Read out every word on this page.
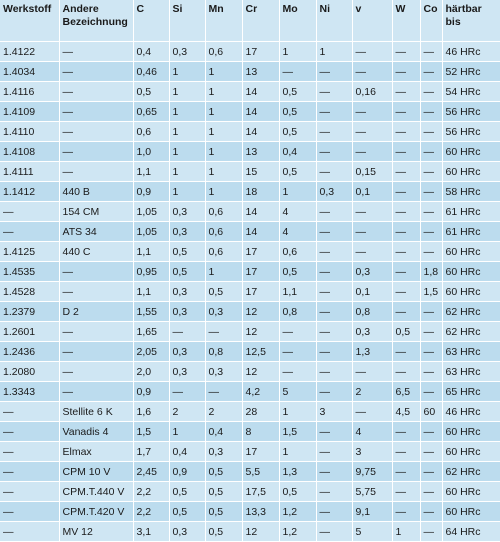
Werkstoff	Andere Bezeichnung	C	Si	Mn	Cr	Mo	Ni	v	W	Co	härtbar bis
1.4122	—	0,4	0,3	0,6	17	1	1	—	—	—	46 HRc
1.4034	—	0,46	1	1	13	—	—	—	—	—	52 HRc
1.4116	—	0,5	1	1	14	0,5	—	0,16	—	—	54 HRc
1.4109	—	0,65	1	1	14	0,5	—	—	—	—	56 HRc
1.4110	—	0,6	1	1	14	0,5	—	—	—	—	56 HRc
1.4108	—	1,0	1	1	13	0,4	—	—	—	—	60 HRc
1.4111	—	1,1	1	1	15	0,5	—	0,15	—	—	60 HRc
1.1412	440 B	0,9	1	1	18	1	0,3	0,1	—	—	58 HRc
—	154 CM	1,05	0,3	0,6	14	4	—	—	—	—	61 HRc
—	ATS 34	1,05	0,3	0,6	14	4	—	—	—	—	61 HRc
1.4125	440 C	1,1	0,5	0,6	17	0,6	—	—	—	—	60 HRc
1.4535	—	0,95	0,5	1	17	0,5	—	0,3	—	1,8	60 HRc
1.4528	—	1,1	0,3	0,5	17	1,1	—	0,1	—	1,5	60 HRc
1.2379	D 2	1,55	0,3	0,3	12	0,8	—	0,8	—	—	62 HRc
1.2601	—	1,65	—	—	12	—	—	0,3	0,5	—	62 HRc
1.2436	—	2,05	0,3	0,8	12,5	—	—	1,3	—	—	63 HRc
1.2080	—	2,0	0,3	0,3	12	—	—	—	—	—	63 HRc
1.3343	—	0,9	—	—	4,2	5	—	2	6,5	—	65 HRc
—	Stellite 6 K	1,6	2	2	28	1	3	—	4,5	60	46 HRc
—	Vanadis 4	1,5	1	0,4	8	1,5	—	4	—	—	60 HRc
—	Elmax	1,7	0,4	0,3	17	1	—	3	—	—	60 HRc
—	CPM 10 V	2,45	0,9	0,5	5,5	1,3	—	9,75	—	—	62 HRc
—	CPM.T.440 V	2,2	0,5	0,5	17,5	0,5	—	5,75	—	—	60 HRc
—	CPM.T.420 V	2,2	0,5	0,5	13,3	1,2	—	9,1	—	—	60 HRc
—	MV 12	3,1	0,3	0,5	12	1,2	—	5	1	—	64 HRc
